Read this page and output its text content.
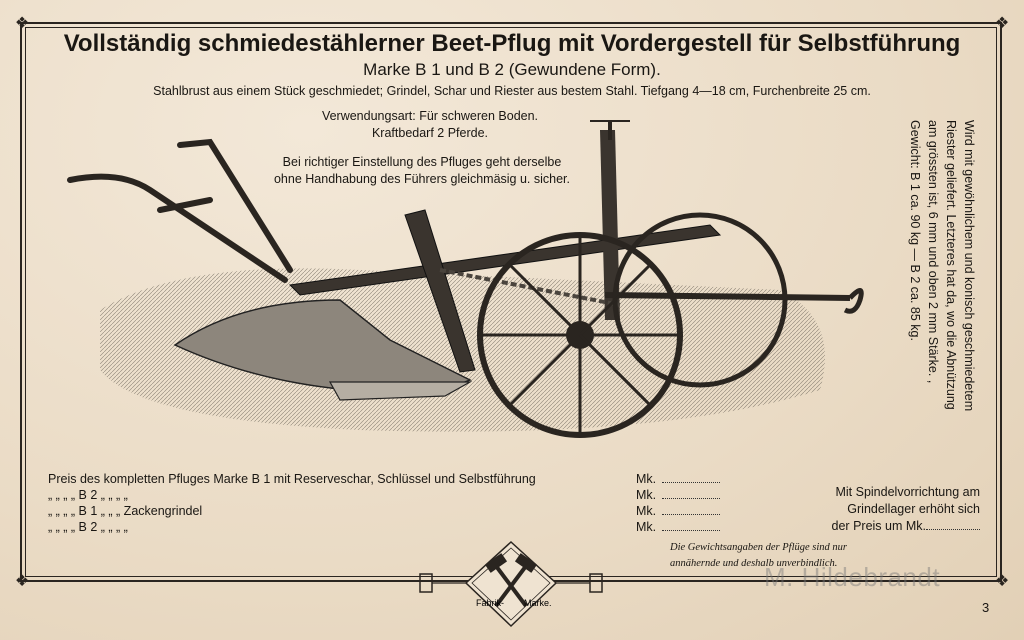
❖	❖
❖	❖
Vollständig schmiedestählerner Beet-Pflug mit Vordergestell für Selbstführung
Marke B 1 und B 2 (Gewundene Form).
Stahlbrust aus einem Stück geschmiedet; Grindel, Schar und Riester aus bestem Stahl. Tiefgang 4—18 cm, Furchenbreite 25 cm.
Verwendungsart: Für schweren Boden.
Kraftbedarf 2 Pferde.
Bei richtiger Einstellung des Pfluges geht derselbe
ohne Handhabung des Führers gleichmäsig u. sicher.	Wird mit gewöhnlichem und konisch geschmiedetem
Riester geliefert. Letzteres hat da, wo die Abnützung
am grössten ist, 6 mm und oben 2 mm Stärke. ,
Gewicht: B 1 ca. 90 kg — B 2 ca. 85 kg.
Preis des kompletten Pfluges Marke B 1 mit Reserveschar, Schlüssel und Selbstführung	Mk.
„ „ „ „ B 2 „ „ „ „	Mk.
„ „ „ „ B 1 „ „ „ Zackengrindel	Mk.
„ „ „ „ B 2 „ „ „ „	Mk.
Mit Spindelvorrichtung am
Grindellager erhöht sich
der Preis um Mk.
Die Gewichtsangaben der Pflüge sind nur
annähernde und deshalb unverbindlich.
Fabrik- Marke.
M. Hildebrandt
3
